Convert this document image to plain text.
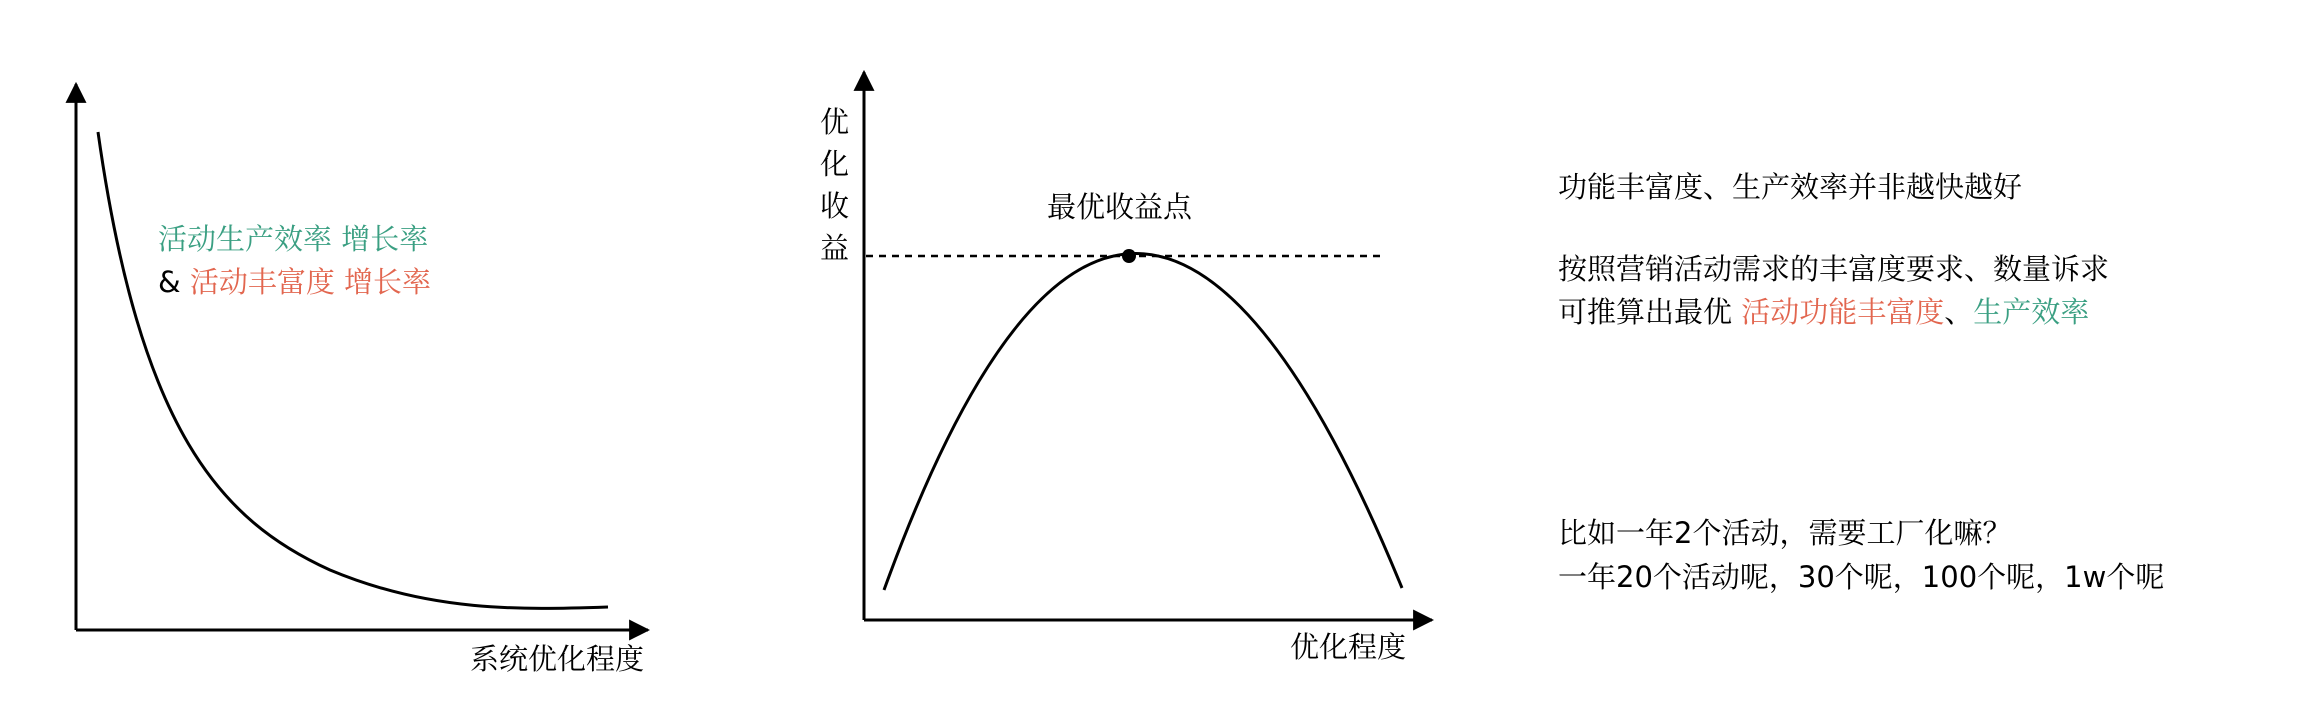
活动生产效率 增长率
& 活动丰富度 增长率
系统优化程度
优
化
收
益
最优收益点
优化程度
功能丰富度、生产效率并非越快越好
按照营销活动需求的丰富度要求、数量诉求
可推算出最优 活动功能丰富度、生产效率
比如一年2个活动，需要工厂化嘛？
一年20个活动呢，30个呢，100个呢，1w个呢
